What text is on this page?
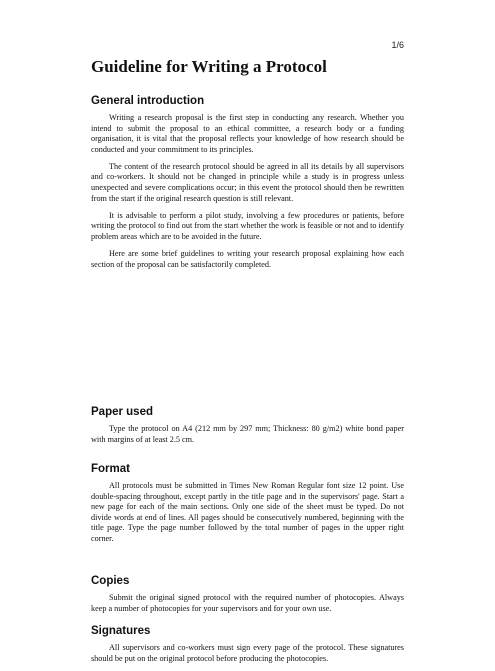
1/6
Guideline for Writing a Protocol
General introduction

Writing a research proposal is the first step in conducting any research. Whether you intend to submit the proposal to an ethical committee, a research body or a funding organisation, it is vital that the proposal reflects your knowledge of how research should be conducted and your commitment to its principles.

The content of the research protocol should be agreed in all its details by all supervisors and co-workers. It should not be changed in principle while a study is in progress unless unexpected and severe complications occur; in this event the protocol should then be rewritten from the start if the original research question is still relevant.

It is advisable to perform a pilot study, involving a few procedures or patients, before writing the protocol to find out from the start whether the work is feasible or not and to identify problem areas which are to be avoided in the future.

Here are some brief guidelines to writing your research proposal explaining how each section of the proposal can be satisfactorily completed.

Paper used

Type the protocol on A4 (212 mm by 297 mm; Thickness: 80 g/m2) white bond paper with margins of at least 2.5 cm.

Format

All protocols must be submitted in Times New Roman Regular font size 12 point. Use double-spacing throughout, except partly in the title page and in the supervisors' page. Start a new page for each of the main sections. Only one side of the sheet must be typed. Do not divide words at end of lines. All pages should be consecutively numbered, beginning with the title page. Type the page number followed by the total number of pages in the upper right corner.

Copies

Submit the original signed protocol with the required number of photocopies. Always keep a number of photocopies for your supervisors and for your own use.

Signatures

All supervisors and co-workers must sign every page of the protocol. These signatures should be put on the original protocol before producing the photocopies.
